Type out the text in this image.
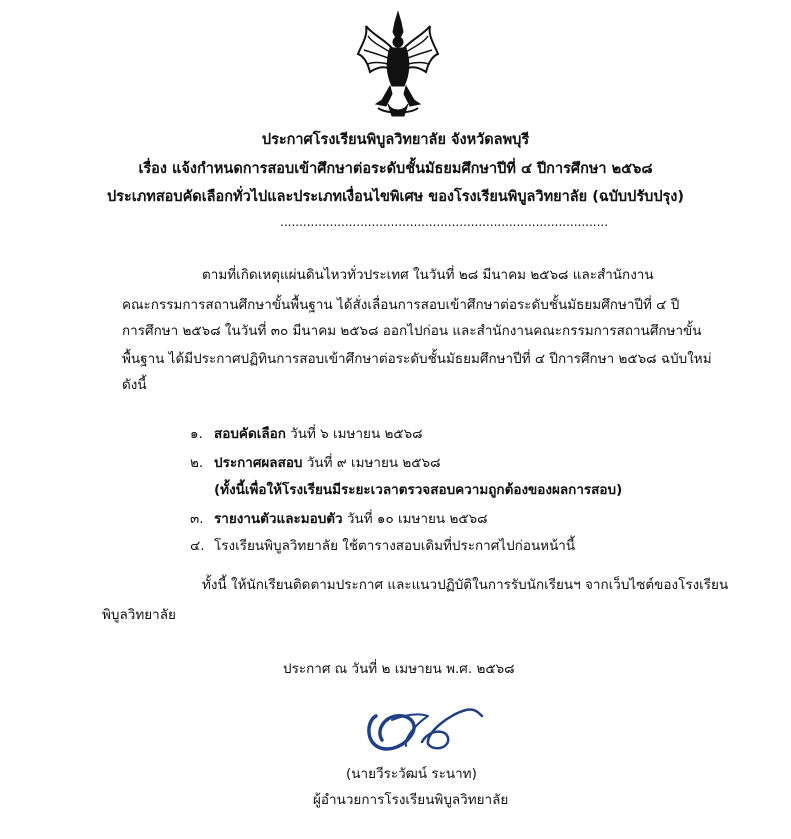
ประกาศโรงเรียนพิบูลวิทยาลัย จังหวัดลพบุรี
เรื่อง แจ้งกำหนดการสอบเข้าศึกษาต่อระดับชั้นมัธยมศึกษาปีที่ ๔ ปีการศึกษา ๒๕๖๘
ประเภทสอบคัดเลือกทั่วไปและประเภทเงื่อนไขพิเศษ ของโรงเรียนพิบูลวิทยาลัย (ฉบับปรับปรุง)
......................................................................................
ตามที่เกิดเหตุแผ่นดินไหวทั่วประเทศ ในวันที่ ๒๘ มีนาคม ๒๕๖๘ และสำนักงาน
คณะกรรมการสถานศึกษาขั้นพื้นฐาน ได้สั่งเลื่อนการสอบเข้าศึกษาต่อระดับชั้นมัธยมศึกษาปีที่ ๔ ปี
การศึกษา ๒๕๖๘ ในวันที่ ๓๐ มีนาคม ๒๕๖๘ ออกไปก่อน และสำนักงานคณะกรรมการสถานศึกษาขั้น
พื้นฐาน ได้มีประกาศปฏิทินการสอบเข้าศึกษาต่อระดับชั้นมัธยมศึกษาปีที่ ๔ ปีการศึกษา ๒๕๖๘ ฉบับใหม่
ดังนี้
๑. สอบคัดเลือก วันที่ ๖ เมษายน ๒๕๖๘
๒. ประกาศผลสอบ วันที่ ๙ เมษายน ๒๕๖๘
(ทั้งนี้เพื่อให้โรงเรียนมีระยะเวลาตรวจสอบความถูกต้องของผลการสอบ)
๓. รายงานตัวและมอบตัว วันที่ ๑๐ เมษายน ๒๕๖๘
๔. โรงเรียนพิบูลวิทยาลัย ใช้ตารางสอบเดิมที่ประกาศไปก่อนหน้านี้
ทั้งนี้ ให้นักเรียนติดตามประกาศ และแนวปฏิบัติในการรับนักเรียนฯ จากเว็บไซต์ของโรงเรียน
พิบูลวิทยาลัย
ประกาศ ณ วันที่ ๒ เมษายน พ.ศ. ๒๕๖๘
(นายวีระวัฒน์ ระนาท)
ผู้อำนวยการโรงเรียนพิบูลวิทยาลัย
